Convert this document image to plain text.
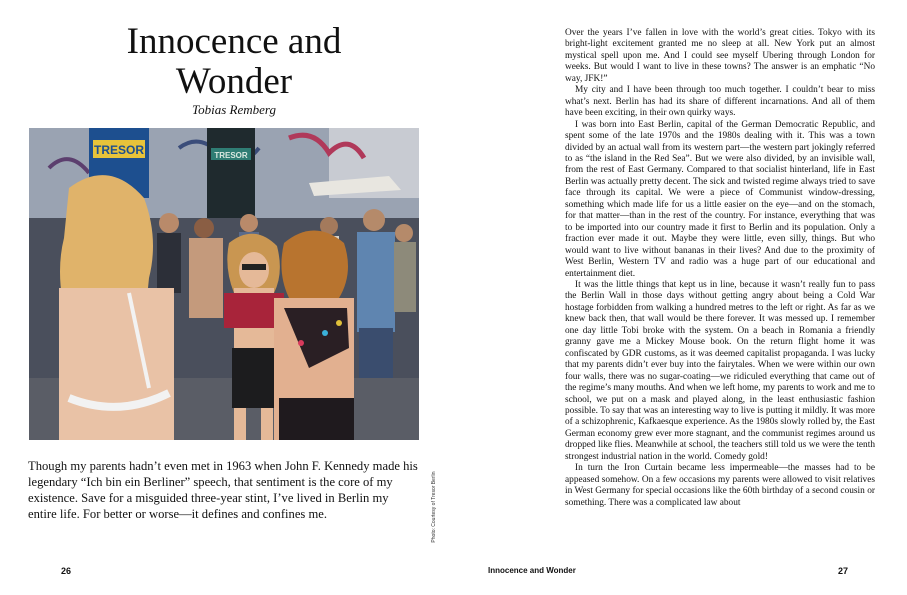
Innocence and
Wonder
Tobias Remberg
TRESOR	TRESOR
Photo: Courtesy of Tresor Berlin

Though my parents hadn’t even met in 1963 when John F. Kennedy made his legendary “Ich bin ein Berliner” speech, that sentiment is the core of my existence. Save for a misguided three-year stint, I’ve lived in Berlin my entire life. For better or worse—it defines and confines me.

26

Over the years I’ve fallen in love with the world’s great cities. Tokyo with its bright-light excitement granted me no sleep at all. New York put an almost mystical spell upon me. And I could see myself Ubering through London for weeks. But would I want to live in these towns? The answer is an emphatic “No way, JFK!”

My city and I have been through too much together. I couldn’t bear to miss what’s next. Berlin has had its share of different incarnations. And all of them have been exciting, in their own quirky ways.

I was born into East Berlin, capital of the German Democratic Republic, and spent some of the late 1970s and the 1980s dealing with it. This was a town divided by an actual wall from its western part—the western part jokingly referred to as “the island in the Red Sea”. But we were also divided, by an invisible wall, from the rest of East Germany. Compared to that socialist hinterland, life in East Berlin was actually pretty decent. The sick and twisted regime always tried to save face through its capital. We were a piece of Communist window-dressing, something which made life for us a little easier on the eye—and on the stomach, for that matter—than in the rest of the country. For instance, everything that was to be imported into our country made it first to Berlin and its population. Only a fraction ever made it out. Maybe they were little, even silly, things. But who would want to live without bananas in their lives? And due to the proximity of West Berlin, Western TV and radio was a huge part of our educational and entertainment diet.

It was the little things that kept us in line, because it wasn’t really fun to pass the Berlin Wall in those days without getting angry about being a Cold War hostage forbidden from walking a hundred metres to the left or right. As far as we knew back then, that wall would be there forever. It was messed up. I remember one day little Tobi broke with the system. On a beach in Romania a friendly granny gave me a Mickey Mouse book. On the return flight home it was confiscated by GDR customs, as it was deemed capitalist propaganda. I was lucky that my parents didn’t ever buy into the fairytales. When we were within our own four walls, there was no sugar-coating—we ridiculed everything that came out of the regime’s many mouths. And when we left home, my parents to work and me to school, we put on a mask and played along, in the least enthusiastic fashion possible. To say that was an interesting way to live is putting it mildly. It was more of a schizophrenic, Kafkaesque experience. As the 1980s slowly rolled by, the East German economy grew ever more stagnant, and the communist regimes around us dropped like flies. Meanwhile at school, the teachers still told us we were the tenth strongest industrial nation in the world. Comedy gold!

In turn the Iron Curtain became less impermeable—the masses had to be appeased somehow. On a few occasions my parents were allowed to visit relatives in West Germany for special occasions like the 60th birthday of a second cousin or something. There was a complicated law about

Innocence and Wonder	27
